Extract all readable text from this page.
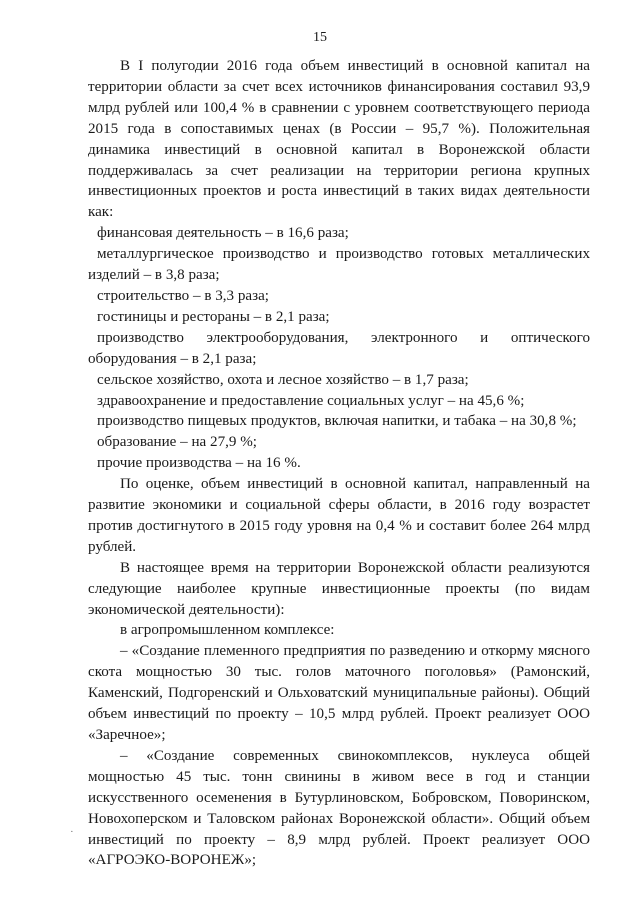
15

В I полугодии 2016 года объем инвестиций в основной капитал на территории области за счет всех источников финансирования составил 93,9 млрд рублей или 100,4 % в сравнении с уровнем соответствующего периода 2015 года в сопоставимых ценах (в России – 95,7 %). Положительная динамика инвестиций в основной капитал в Воронежской области поддерживалась за счет реализации на территории региона крупных инвестиционных проектов и роста инвестиций в таких видах деятельности как:

финансовая деятельность – в 16,6 раза;

металлургическое производство и производство готовых металлических изделий – в 3,8 раза;

строительство – в 3,3 раза;

гостиницы и рестораны – в 2,1 раза;

производство электрооборудования, электронного и оптического оборудования – в 2,1 раза;

сельское хозяйство, охота и лесное хозяйство – в 1,7 раза;

здравоохранение и предоставление социальных услуг – на 45,6 %;

производство пищевых продуктов, включая напитки, и табака – на 30,8 %;

образование – на 27,9 %;

прочие производства – на 16 %.

По оценке, объем инвестиций в основной капитал, направленный на развитие экономики и социальной сферы области, в 2016 году возрастет против достигнутого в 2015 году уровня на 0,4 % и составит более 264 млрд рублей.

В настоящее время на территории Воронежской области реализуются следующие наиболее крупные инвестиционные проекты (по видам экономической деятельности):

в агропромышленном комплексе:

– «Создание племенного предприятия по разведению и откорму мясного скота мощностью 30 тыс. голов маточного поголовья» (Рамонский, Каменский, Подгоренский и Ольховатский муниципальные районы). Общий объем инвестиций по проекту – 10,5 млрд рублей. Проект реализует ООО «Заречное»;

– «Создание современных свинокомплексов, нуклеуса общей мощностью 45 тыс. тонн свинины в живом весе в год и станции искусственного осеменения в Бутурлиновском, Бобровском, Поворинском, Новохоперском и Таловском районах Воронежской области». Общий объем инвестиций по проекту – 8,9 млрд рублей. Проект реализует ООО «АГРОЭКО-ВОРОНЕЖ»;

·
